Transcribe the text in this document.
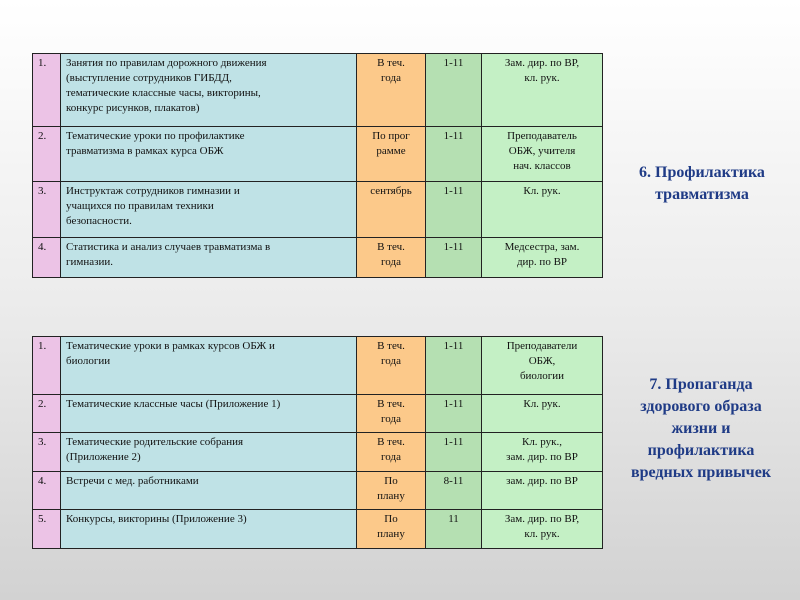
1.	Занятия по правилам дорожного движения
(выступление сотрудников ГИБДД,
тематические классные часы, викторины,
конкурс рисунков, плакатов)	В теч.
года	1-11	Зам. дир. по ВР,
кл. рук.
2.	Тематические уроки по профилактике
травматизма в рамках курса ОБЖ	По прог
рамме	1-11	Преподаватель
ОБЖ, учителя
нач. классов
3.	Инструктаж сотрудников гимназии и
учащихся по правилам техники
безопасности.	сентябрь	1-11	Кл. рук.
4.	Статистика и анализ случаев травматизма в
гимназии.	В теч.
года	1-11	Медсестра, зам.
дир. по ВР
6. Профилактика
травматизма
1.	Тематические уроки в рамках курсов ОБЖ и
биологии	В теч.
года	1-11	Преподаватели
ОБЖ,
биологии
2.	Тематические классные часы (Приложение 1)	В теч.
года	1-11	Кл. рук.
3.	Тематические родительские собрания
(Приложение 2)	В теч.
года	1-11	Кл. рук.,
зам. дир. по ВР
4.	Встречи с мед. работниками	По
плану	8-11	зам. дир. по ВР
5.	Конкурсы, викторины (Приложение 3)	По
плану	11	Зам. дир. по ВР,
кл. рук.
7. Пропаганда
здорового образа
жизни и
профилактика
вредных привычек
